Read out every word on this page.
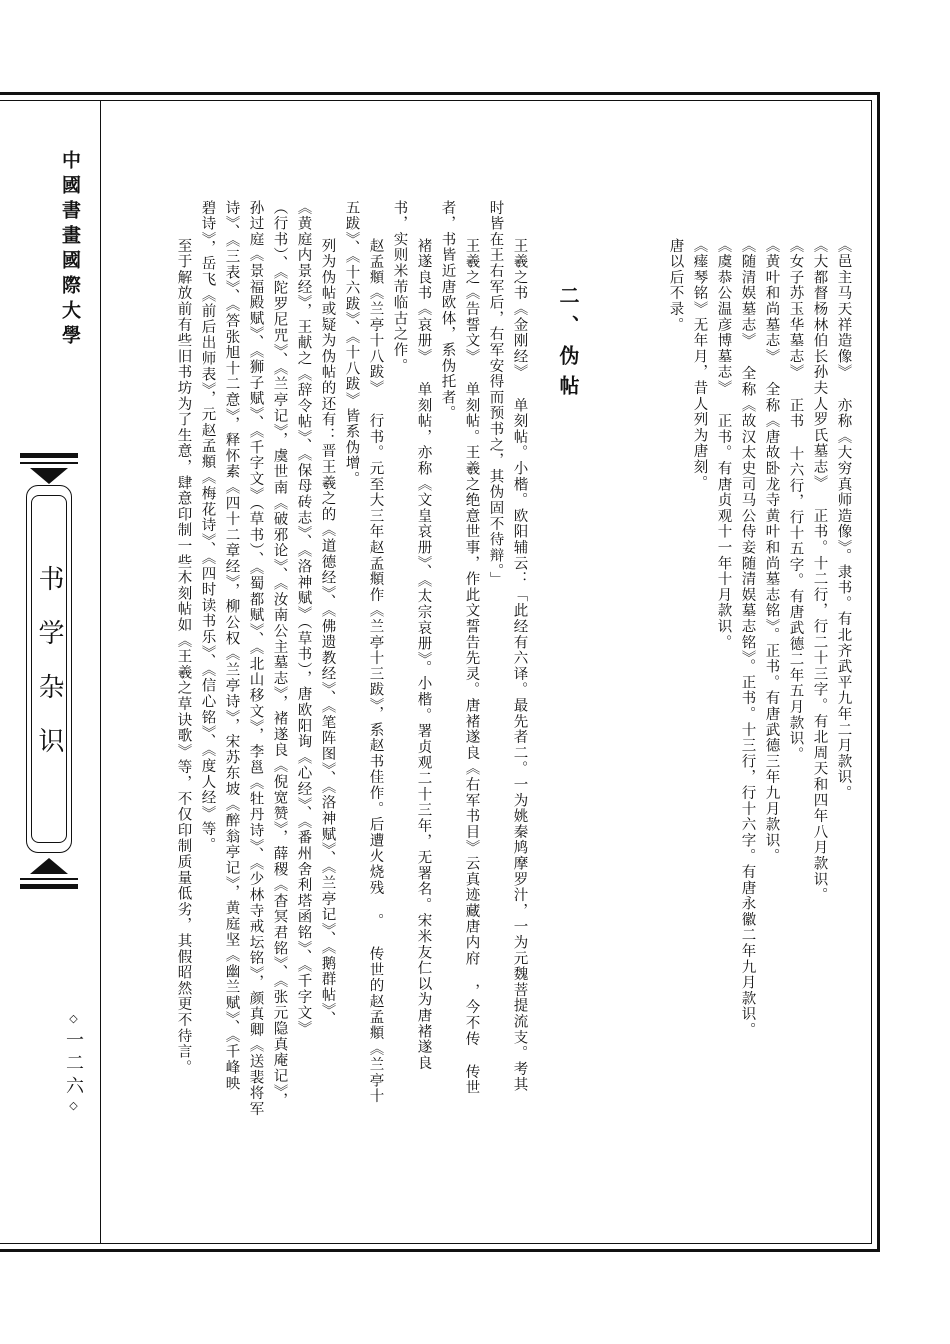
中國書畫國際大學
书学杂识
◇一二六◇
《邑主马天祥造像》 亦称《大穷真师造像》。隶书。有北齐武平九年二月款识。
《大都督杨林伯长孙夫人罗氏墓志》 正书。十二行，行二十三字。有北周天和四年八月款识。
《女子苏玉华墓志》 正书 十六行，行十五字。有唐武德二年五月款识。
《黄叶和尚墓志》 全称《唐故卧龙寺黄叶和尚墓志铭》。正书。有唐武德三年九月款识。
《随清娱墓志》 全称《故汉太史司马公侍妾随清娱墓志铭》。正书。十三行，行十六字。有唐永徽二年九月款识。
《虞恭公温彦博墓志》 正书。有唐贞观十一年十月款识。
《瘗琴铭》无年月，昔人列为唐刻。
唐以后不录。
二、伪帖
王羲之书《金刚经》 单刻帖。小楷。欧阳辅云：「此经有六译。最先者二。一为姚秦鸠摩罗汁，一为元魏菩提流支。考其
时皆在王右军后，右军安得而预书之，其伪固不待辩。」
王羲之《告誓文》 单刻帖。王羲之绝意世事，作此文誓告先灵。唐褚遂良《右军书目》云真迹藏唐内府 ，今不传 传世
者，书皆近唐欧体，系伪托者。
褚遂良书《哀册》 单刻帖，亦称《文皇哀册》、《太宗哀册》。小楷。署贞观二十三年，无署名。宋米友仁以为唐褚遂良
书，实则米芾临古之作。
赵孟頫《兰亭十八跋》 行书。元至大三年赵孟頫作《兰亭十三跋》，系赵书佳作。后遭火烧残 。 传世的赵孟頫《兰亭十
五跋》、《十六跋》、《十八跋》皆系伪增。
列为伪帖或疑为伪帖的还有：晋王羲之的《道德经》、《佛遗教经》、《笔阵图》、《洛神赋》、《兰亭记》、《鹅群帖》、
《黄庭内景经》，王献之《辞令帖》、《保母砖志》、《洛神赋》（草书），唐欧阳询《心经》、《番州舍利塔函铭》、《千字文》
（行书）、《陀罗尼咒》、《兰亭记》，虞世南《破邪论》、《汝南公主墓志》，褚遂良《倪宽赞》，薛稷《杳冥君铭》、《张元隐真庵记》，
孙过庭《景福殿赋》、《狮子赋》、《千字文》（草书）、《蜀都赋》、《北山移文》，李邕《牡丹诗》、《少林寺戒坛铭》，颜真卿《送裴将军
诗》、《三表》、《答张旭十二意》，释怀素《四十二章经》，柳公权《兰亭诗》，宋苏东坡《醉翁亭记》，黄庭坚《幽兰赋》、《千峰映
碧诗》，岳飞《前后出师表》，元赵孟頫《梅花诗》、《四时读书乐》、《信心铭》、《度人经》等。
至于解放前有些旧书坊为了生意，肆意印制一些木刻帖如《王羲之草诀歌》等，不仅印制质量低劣，其假昭然更不待言。
